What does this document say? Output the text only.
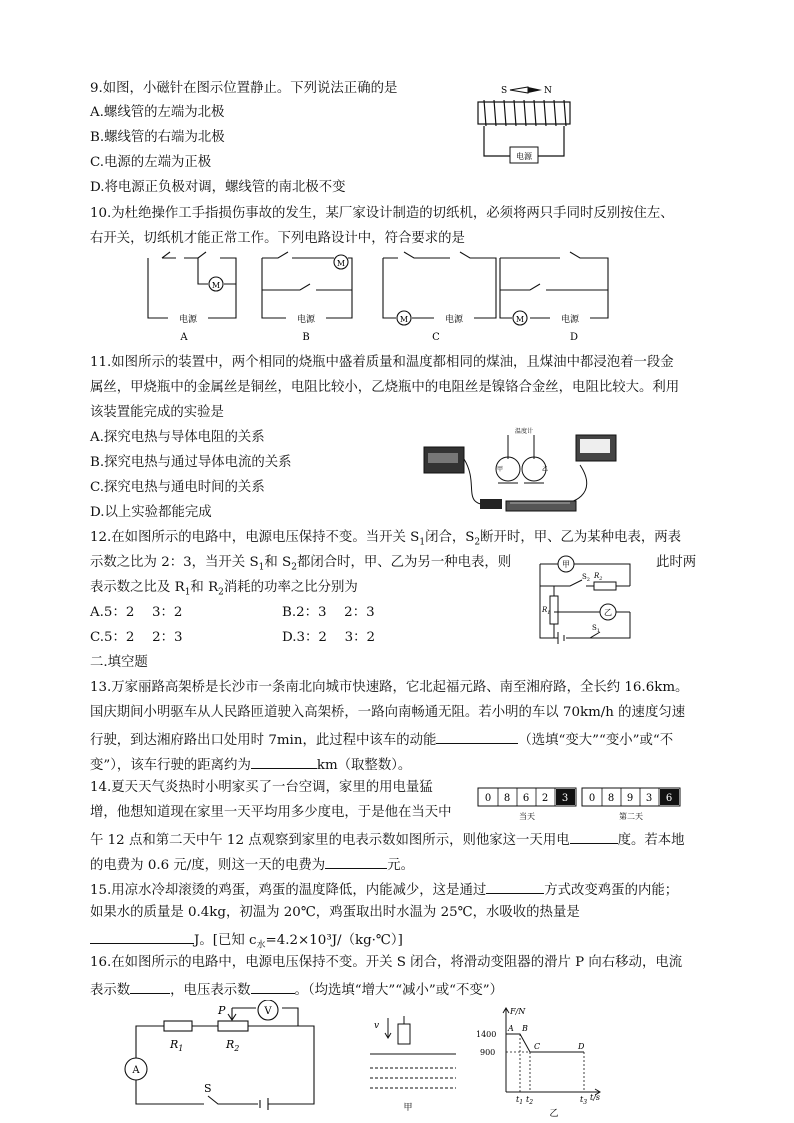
9.如图，小磁针在图示位置静止。下列说法正确的是
A.螺线管的左端为北极
B.螺线管的右端为北极
C.电源的左端为正极
D.将电源正负极对调，螺线管的南北极不变
S	N
电源
10.为杜绝操作工手指损伤事故的发生，某厂家设计制造的切纸机，必须将两只手同时反别按住左、
右开关，切纸机才能正常工作。下列电路设计中，符合要求的是
M
M
M	M
电源	电源	电源	电源
A	B	C	D
11.如图所示的装置中，两个相同的烧瓶中盛着质量和温度都相同的煤油，且煤油中都浸泡着一段金
属丝，甲烧瓶中的金属丝是铜丝，电阻比较小，乙烧瓶中的电阻丝是镍铬合金丝，电阻比较大。利用
该装置能完成的实验是
A.探究电热与导体电阻的关系
B.探究电热与通过导体电流的关系
C.探究电热与通电时间的关系
D.以上实验都能完成
温度计
甲	乙
12.在如图所示的电路中，电源电压保持不变。当开关 $S_1$闭合，$S_2$断开时，甲、乙为某种电表，两表
示数之比为 2：3，当开关 $S_1$和 $S_2$都闭合时，甲、乙为另一种电表，则	此时两
表示数之比及 $R_1$和 $R_2$消耗的功率之比分别为
A.5：2　 3：2	B.2：3　 2：3
C.5：2　 2：3	D.3：2　 3：2
甲
乙
$S_2$ $R_2$
$R_1$
$S_1$
二.填空题
13.万家丽路高架桥是长沙市一条南北向城市快速路，它北起福元路、南至湘府路，全长约 16.6km。
国庆期间小明驱车从人民路匝道驶入高架桥，一路向南畅通无阻。若小明的车以 70km/h 的速度匀速
行驶，到达湘府路出口处用时 7min，此过程中该车的动能	（选填“变大”“变小”或“不
变”），该车行驶的距离约为	km（取整数）。
14.夏天天气炎热时小明家买了一台空调，家里的用电量猛
增，他想知道现在家里一天平均用多少度电，于是他在当天中
午 12 点和第二天中午 12 点观察到家里的电表示数如图所示，则他家这一天用电	度。若本地
的电费为 0.6 元/度，则这一天的电费为	元。
0 8 6 2 3 0 8 9 3 6
当天	第二天
15.用凉水冷却滚烫的鸡蛋，鸡蛋的温度降低，内能减少，这是通过	方式改变鸡蛋的内能；
如果水的质量是 0.4kg，初温为 20℃，鸡蛋取出时水温为 25℃，水吸收的热量是
J。[已知 $c_水=4.2\times 10^3J/(kg\cdot℃)$]
16.在如图所示的电路中，电源电压保持不变。开关 S 闭合，将滑动变阻器的滑片 P 向右移动，电流
表示数	，电压表示数	。（均选填“增大”“减小”或“不变”）
A
V
P
$R_1$	$R_2$
S
v
甲
F/N
1400
900
A B
C	D
$t_1$ $t_2$	$t_3$
t/s
乙
